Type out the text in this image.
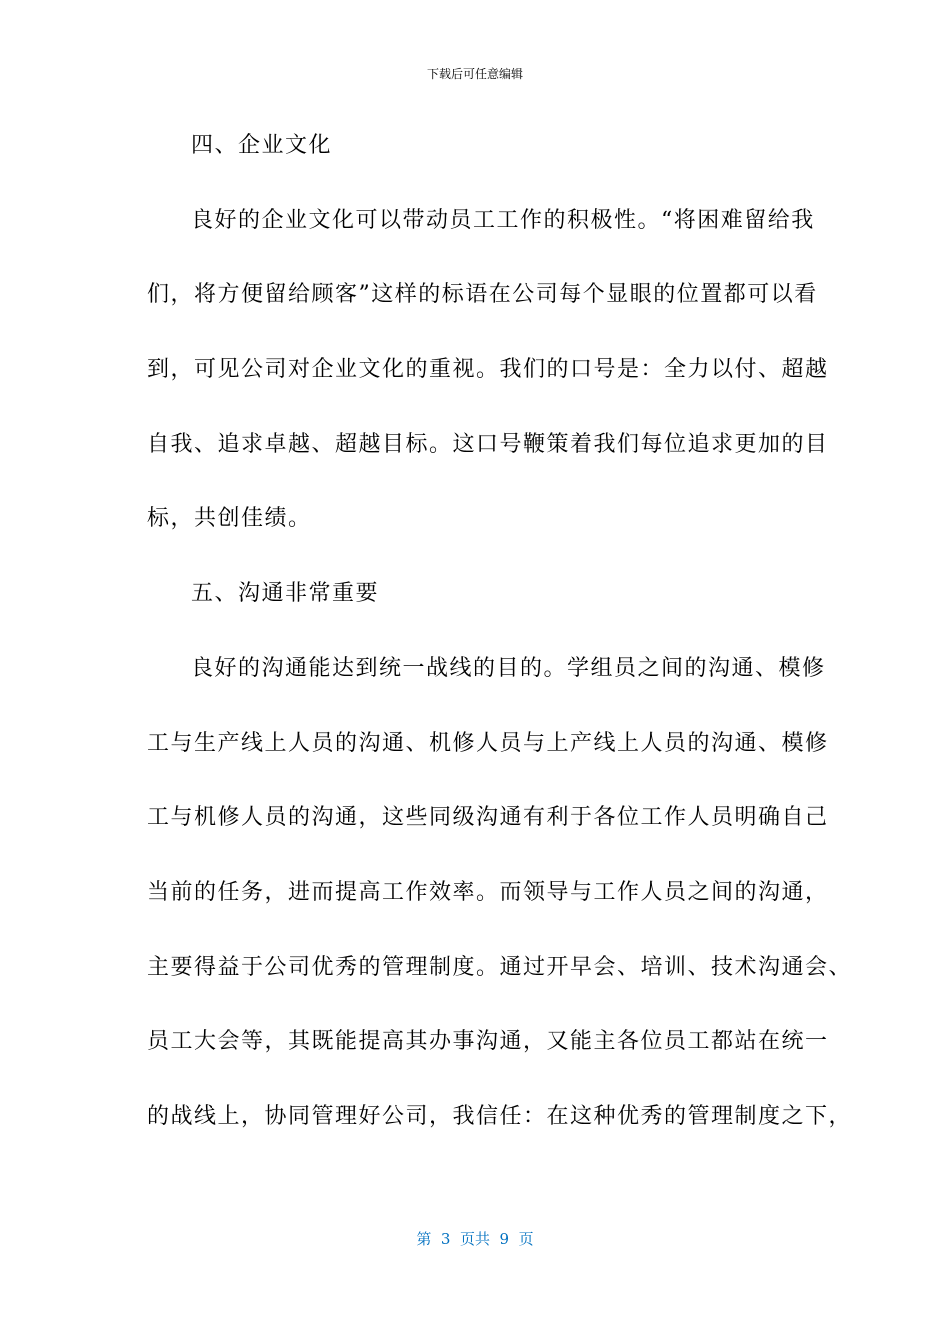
下载后可任意编辑
四、企业文化
良好的企业文化可以带动员工工作的积极性。“将困难留给我
们，将方便留给顾客”这样的标语在公司每个显眼的位置都可以看
到，可见公司对企业文化的重视。我们的口号是：全力以付、超越
自我、追求卓越、超越目标。这口号鞭策着我们每位追求更加的目
标，共创佳绩。
五、沟通非常重要
良好的沟通能达到统一战线的目的。学组员之间的沟通、模修
工与生产线上人员的沟通、机修人员与上产线上人员的沟通、模修
工与机修人员的沟通，这些同级沟通有利于各位工作人员明确自己
当前的任务，进而提高工作效率。而领导与工作人员之间的沟通，
主要得益于公司优秀的管理制度。通过开早会、培训、技术沟通会、
员工大会等，其既能提高其办事沟通，又能主各位员工都站在统一
的战线上，协同管理好公司，我信任：在这种优秀的管理制度之下，
第  3  页共  9  页
